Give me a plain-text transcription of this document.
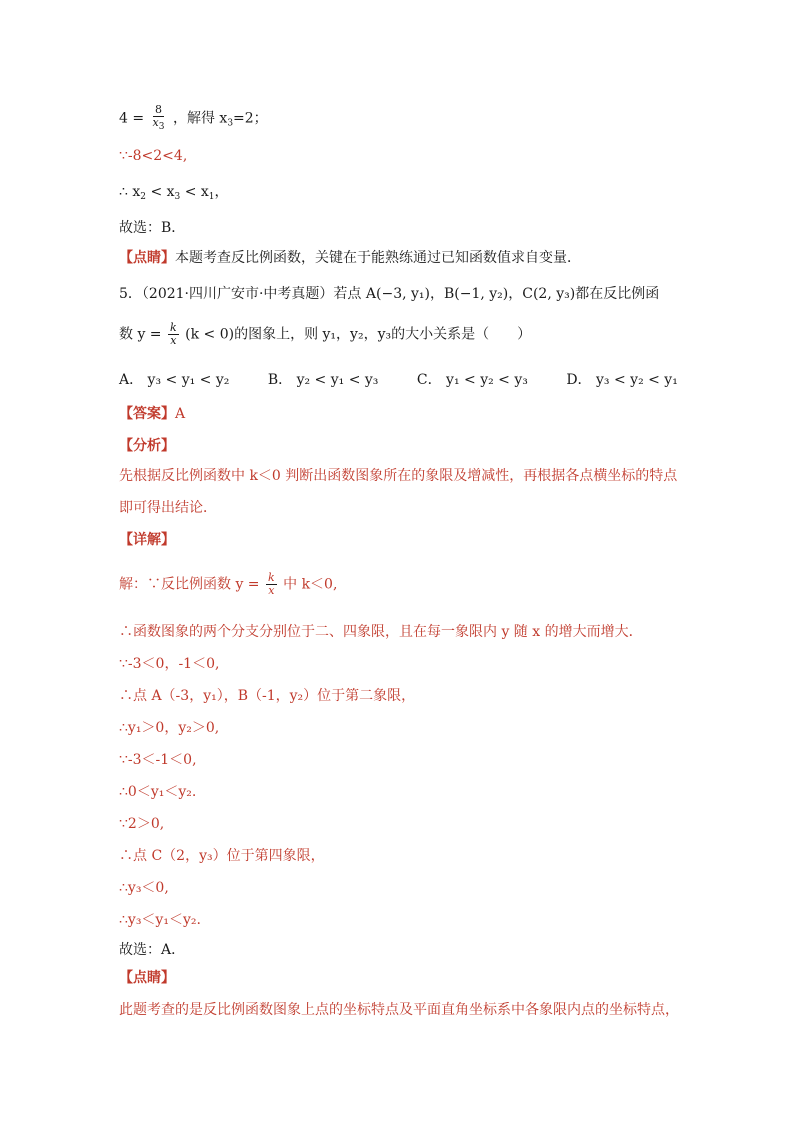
$4 = \frac{8}{x_3}$ ，解得 $x_3=2$；
∵-8<2<4,
∴ $x_2 < x_3 < x_1$，
故选：B．
【点睛】本题考查反比例函数，关键在于能熟练通过已知函数值求自变量．
5．（2021·四川广安市·中考真题）若点 A(−3, y₁)，B(−1, y₂)，C(2, y₃)都在反比例函
数 $y = \frac{k}{x} (k < 0)$的图象上，则 y₁，y₂，y₃的大小关系是（　　）
A． y₃ < y₁ < y₂	B． y₂ < y₁ < y₃	C． y₁ < y₂ < y₃	D． y₃ < y₂ < y₁
【答案】A
【分析】
先根据反比例函数中 k＜0 判断出函数图象所在的象限及增减性，再根据各点横坐标的特点
即可得出结论．
【详解】
解：∵反比例函数 $y = \frac{k}{x}$ 中 k＜0,
∴函数图象的两个分支分别位于二、四象限，且在每一象限内 y 随 x 的增大而增大．
∵-3＜0，-1＜0,
∴点 A（-3，y₁），B（-1，y₂）位于第二象限，
∴y₁＞0，y₂＞0,
∵-3＜-1＜0,
∴0＜y₁＜y₂.
∵2＞0,
∴点 C（2，y₃）位于第四象限，
∴y₃＜0,
∴y₃＜y₁＜y₂.
故选：A．
【点睛】
此题考查的是反比例函数图象上点的坐标特点及平面直角坐标系中各象限内点的坐标特点，
